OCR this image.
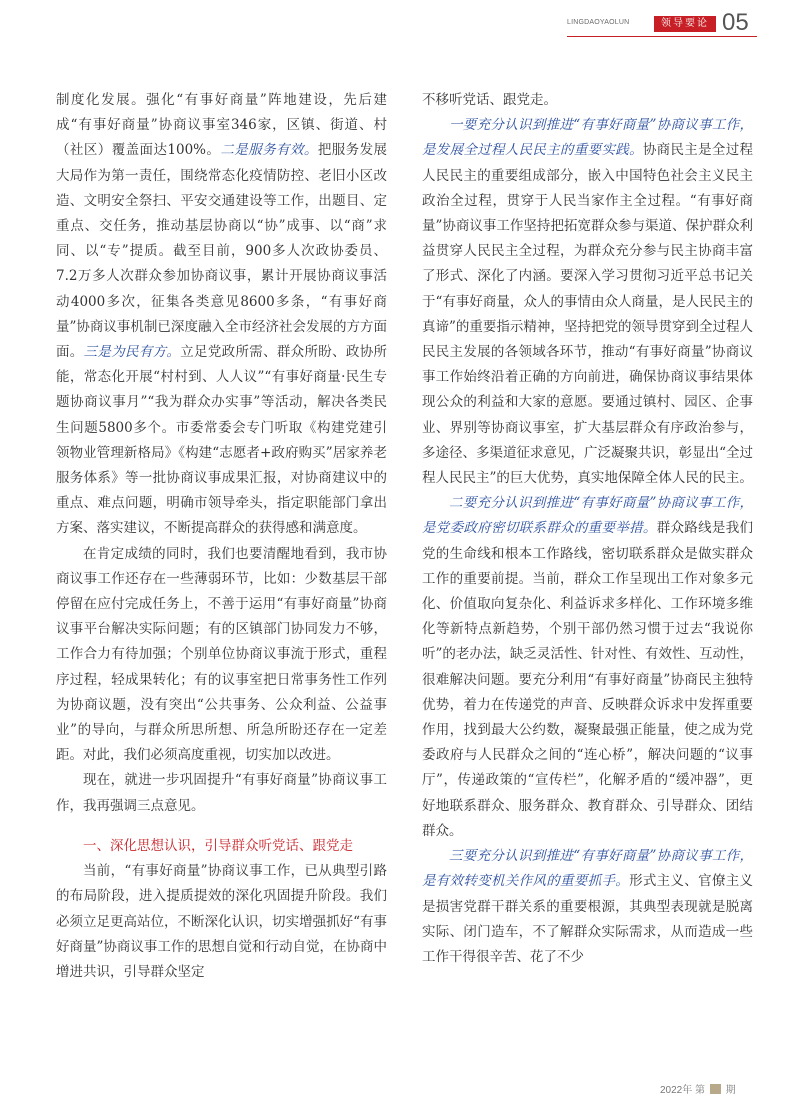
LINGDAOYAOLUN	领导要论 05

制度化发展。强化“有事好商量”阵地建设，先后建成“有事好商量”协商议事室346家，区镇、街道、村（社区）覆盖面达100%。二是服务有效。把服务发展大局作为第一责任，围绕常态化疫情防控、老旧小区改造、文明安全祭扫、平安交通建设等工作，出题目、定重点、交任务，推动基层协商以“协”成事、以“商”求同、以“专”提质。截至目前，900多人次政协委员、7.2万多人次群众参加协商议事，累计开展协商议事活动4000多次，征集各类意见8600多条，“有事好商量”协商议事机制已深度融入全市经济社会发展的方方面面。三是为民有方。立足党政所需、群众所盼、政协所能，常态化开展“村村到、人人议”“有事好商量·民生专题协商议事月”“我为群众办实事”等活动，解决各类民生问题5800多个。市委常委会专门听取《构建党建引领物业管理新格局》《构建“志愿者+政府购买”居家养老服务体系》等一批协商议事成果汇报，对协商建议中的重点、难点问题，明确市领导牵头，指定职能部门拿出方案、落实建议，不断提高群众的获得感和满意度。

在肯定成绩的同时，我们也要清醒地看到，我市协商议事工作还存在一些薄弱环节，比如：少数基层干部停留在应付完成任务上，不善于运用“有事好商量”协商议事平台解决实际问题；有的区镇部门协同发力不够，工作合力有待加强；个别单位协商议事流于形式，重程序过程，轻成果转化；有的议事室把日常事务性工作列为协商议题，没有突出“公共事务、公众利益、公益事业”的导向，与群众所思所想、所急所盼还存在一定差距。对此，我们必须高度重视，切实加以改进。

现在，就进一步巩固提升“有事好商量”协商议事工作，我再强调三点意见。

一、深化思想认识，引导群众听党话、跟党走

当前，“有事好商量”协商议事工作，已从典型引路的布局阶段，进入提质提效的深化巩固提升阶段。我们必须立足更高站位，不断深化认识，切实增强抓好“有事好商量”协商议事工作的思想自觉和行动自觉，在协商中增进共识，引导群众坚定

不移听党话、跟党走。

一要充分认识到推进“有事好商量”协商议事工作，是发展全过程人民民主的重要实践。协商民主是全过程人民民主的重要组成部分，嵌入中国特色社会主义民主政治全过程，贯穿于人民当家作主全过程。“有事好商量”协商议事工作坚持把拓宽群众参与渠道、保护群众利益贯穿人民民主全过程，为群众充分参与民主协商丰富了形式、深化了内涵。要深入学习贯彻习近平总书记关于“有事好商量，众人的事情由众人商量，是人民民主的真谛”的重要指示精神，坚持把党的领导贯穿到全过程人民民主发展的各领域各环节，推动“有事好商量”协商议事工作始终沿着正确的方向前进，确保协商议事结果体现公众的利益和大家的意愿。要通过镇村、园区、企事业、界别等协商议事室，扩大基层群众有序政治参与，多途径、多渠道征求意见，广泛凝聚共识，彰显出“全过程人民民主”的巨大优势，真实地保障全体人民的民主。

二要充分认识到推进“有事好商量”协商议事工作，是党委政府密切联系群众的重要举措。群众路线是我们党的生命线和根本工作路线，密切联系群众是做实群众工作的重要前提。当前，群众工作呈现出工作对象多元化、价值取向复杂化、利益诉求多样化、工作环境多维化等新特点新趋势，个别干部仍然习惯于过去“我说你听”的老办法，缺乏灵活性、针对性、有效性、互动性，很难解决问题。要充分利用“有事好商量”协商民主独特优势，着力在传递党的声音、反映群众诉求中发挥重要作用，找到最大公约数，凝聚最强正能量，使之成为党委政府与人民群众之间的“连心桥”，解决问题的“议事厅”，传递政策的“宣传栏”，化解矛盾的“缓冲器”，更好地联系群众、服务群众、教育群众、引导群众、团结群众。

三要充分认识到推进“有事好商量”协商议事工作，是有效转变机关作风的重要抓手。形式主义、官僚主义是损害党群干群关系的重要根源，其典型表现就是脱离实际、闭门造车，不了解群众实际需求，从而造成一些工作干得很辛苦、花了不少

2022年 第 期
